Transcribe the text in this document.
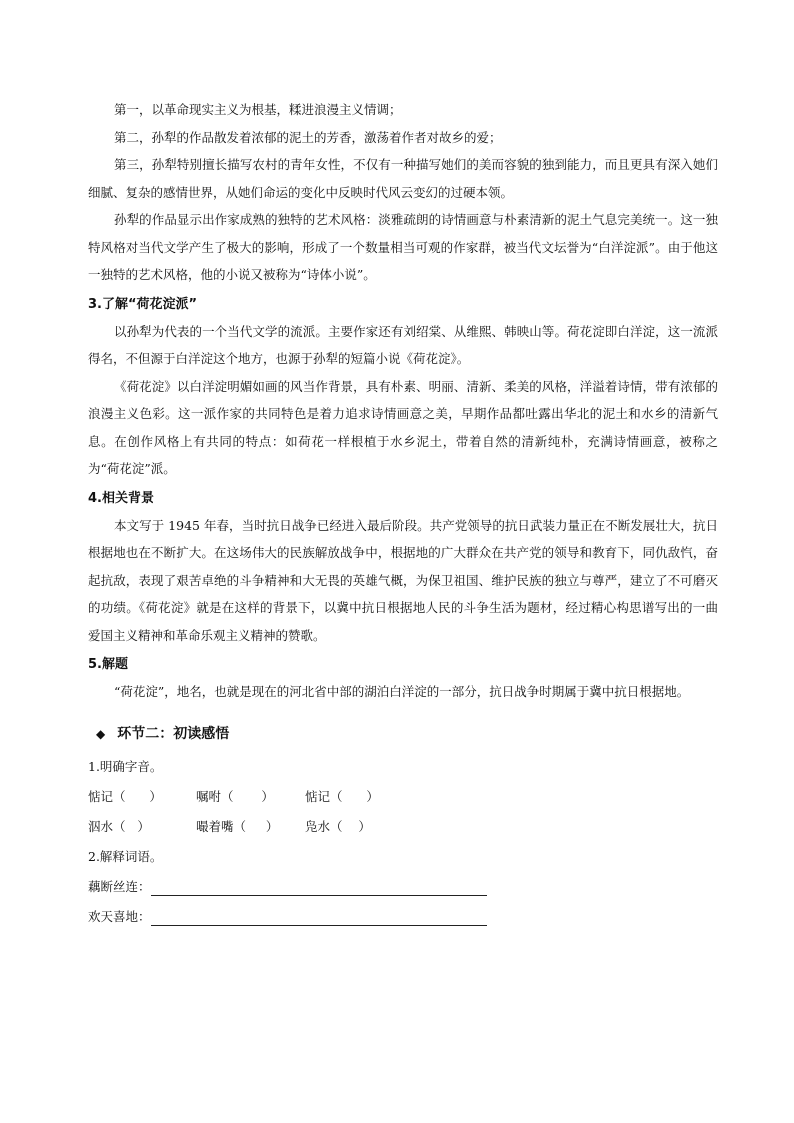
第一，以革命现实主义为根基，糅进浪漫主义情调；

第二，孙犁的作品散发着浓郁的泥土的芳香，激荡着作者对故乡的爱；

第三，孙犁特别擅长描写农村的青年女性，不仅有一种描写她们的美而容貌的独到能力，而且更具有深入她们细腻、复杂的感情世界，从她们命运的变化中反映时代风云变幻的过硬本领。

孙犁的作品显示出作家成熟的独特的艺术风格：淡雅疏朗的诗情画意与朴素清新的泥土气息完美统一。这一独特风格对当代文学产生了极大的影响，形成了一个数量相当可观的作家群，被当代文坛誉为“白洋淀派”。由于他这一独特的艺术风格，他的小说又被称为“诗体小说”。

3.了解“荷花淀派”

以孙犁为代表的一个当代文学的流派。主要作家还有刘绍棠、从维熙、韩映山等。荷花淀即白洋淀，这一流派得名，不但源于白洋淀这个地方，也源于孙犁的短篇小说《荷花淀》。

《荷花淀》以白洋淀明媚如画的风当作背景，具有朴素、明丽、清新、柔美的风格，洋溢着诗情，带有浓郁的浪漫主义色彩。这一派作家的共同特色是着力追求诗情画意之美，早期作品都吐露出华北的泥土和水乡的清新气息。在创作风格上有共同的特点：如荷花一样根植于水乡泥土，带着自然的清新纯朴，充满诗情画意，被称之为“荷花淀”派。

4.相关背景

本文写于 1945 年春，当时抗日战争已经进入最后阶段。共产党领导的抗日武装力量正在不断发展壮大，抗日根据地也在不断扩大。在这场伟大的民族解放战争中，根据地的广大群众在共产党的领导和教育下，同仇敌忾，奋起抗敌，表现了艰苦卓绝的斗争精神和大无畏的英雄气概，为保卫祖国、维护民族的独立与尊严，建立了不可磨灭的功绩。《荷花淀》就是在这样的背景下，以冀中抗日根据地人民的斗争生活为题材，经过精心构思谱写出的一曲爱国主义精神和革命乐观主义精神的赞歌。

5.解题

“荷花淀”，地名，也就是现在的河北省中部的湖泊白洋淀的一部分，抗日战争时期属于冀中抗日根据地。

◆ 环节二：初读感悟

1.明确字音。

惦记（      ）	嘱咐（       ）	惦记（      ）
泅水（   ）	嘬着嘴（     ）	凫水（    ）

2.解释词语。

藕断丝连：
欢天喜地：
